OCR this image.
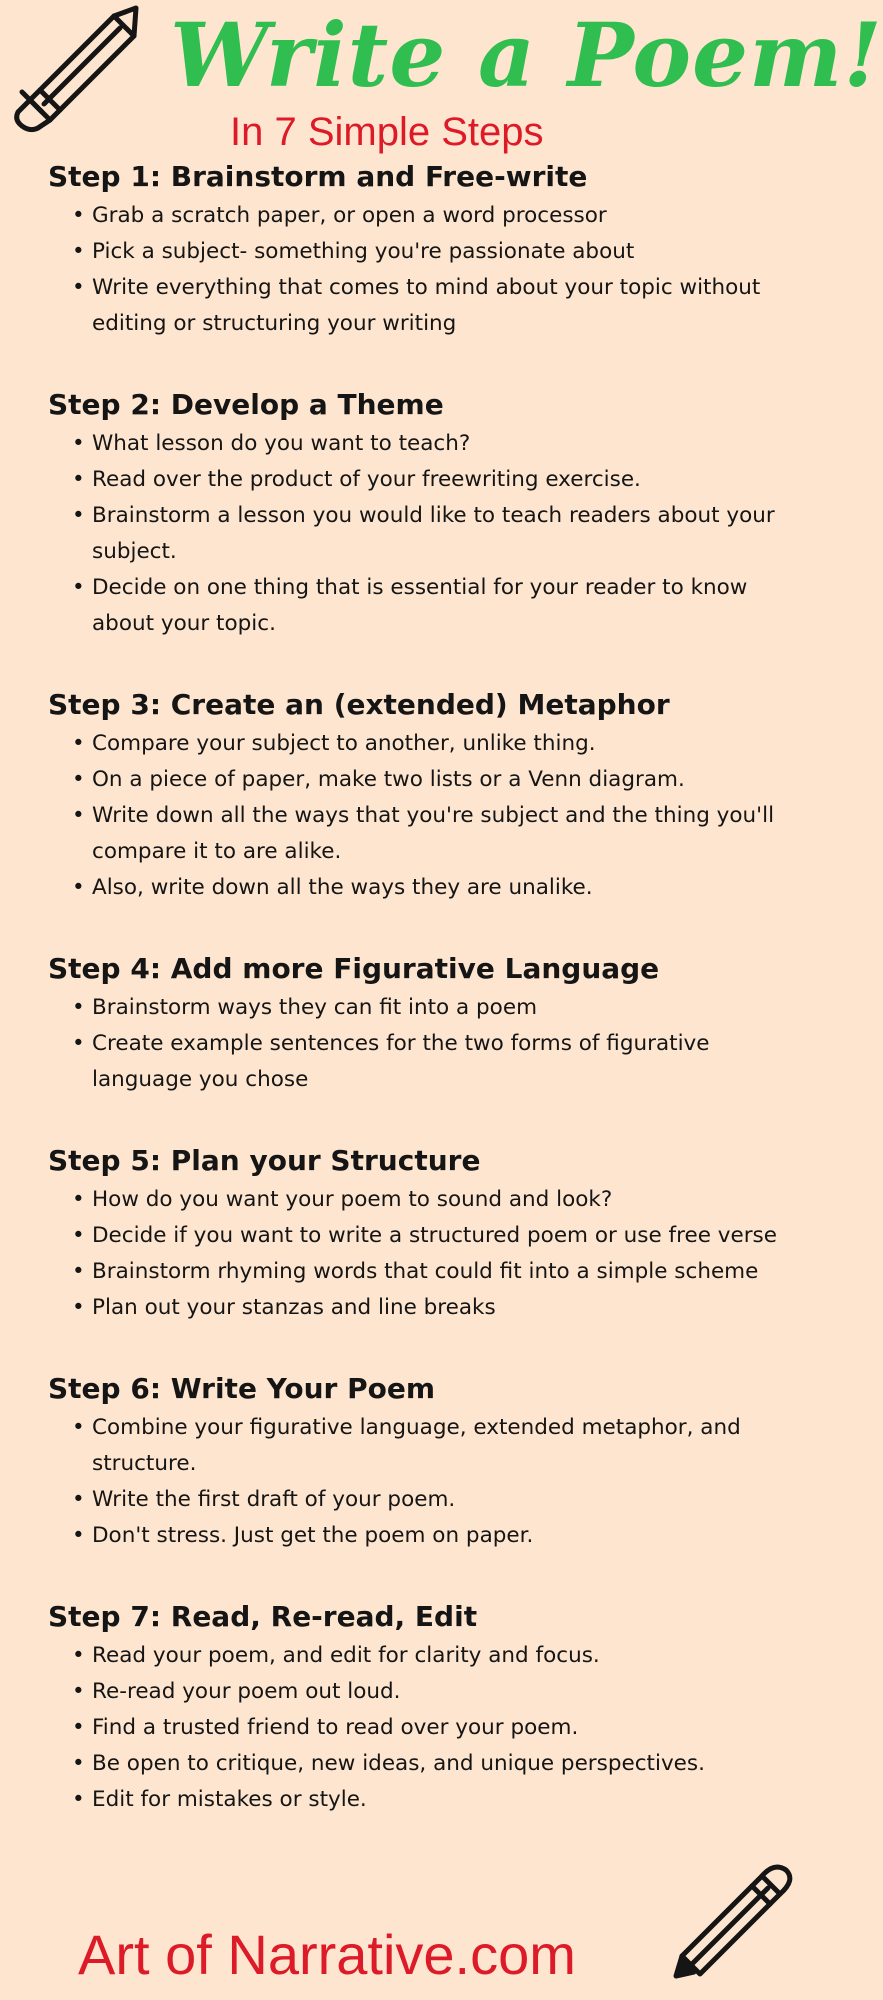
Write a Poem!
In 7 Simple Steps
Step 1: Brainstorm and Free-write
• Grab a scratch paper, or open a word processor
• Pick a subject- something you're passionate about
• Write everything that comes to mind about your topic without editing or structuring your writing
Step 2: Develop a Theme
• What lesson do you want to teach?
• Read over the product of your freewriting exercise.
• Brainstorm a lesson you would like to teach readers about your subject.
• Decide on one thing that is essential for your reader to know about your topic.
Step 3: Create an (extended) Metaphor
• Compare your subject to another, unlike thing.
• On a piece of paper, make two lists or a Venn diagram.
• Write down all the ways that you're subject and the thing you'll compare it to are alike.
• Also, write down all the ways they are unalike.
Step 4: Add more Figurative Language
• Brainstorm ways they can fit into a poem
• Create example sentences for the two forms of figurative language you chose
Step 5: Plan your Structure
• How do you want your poem to sound and look?
• Decide if you want to write a structured poem or use free verse
• Brainstorm rhyming words that could fit into a simple scheme
• Plan out your stanzas and line breaks
Step 6: Write Your Poem
• Combine your figurative language, extended metaphor, and structure.
• Write the first draft of your poem.
• Don't stress. Just get the poem on paper.
Step 7: Read, Re-read, Edit
• Read your poem, and edit for clarity and focus.
• Re-read your poem out loud.
• Find a trusted friend to read over your poem.
• Be open to critique, new ideas, and unique perspectives.
• Edit for mistakes or style.
Art of Narrative.com
